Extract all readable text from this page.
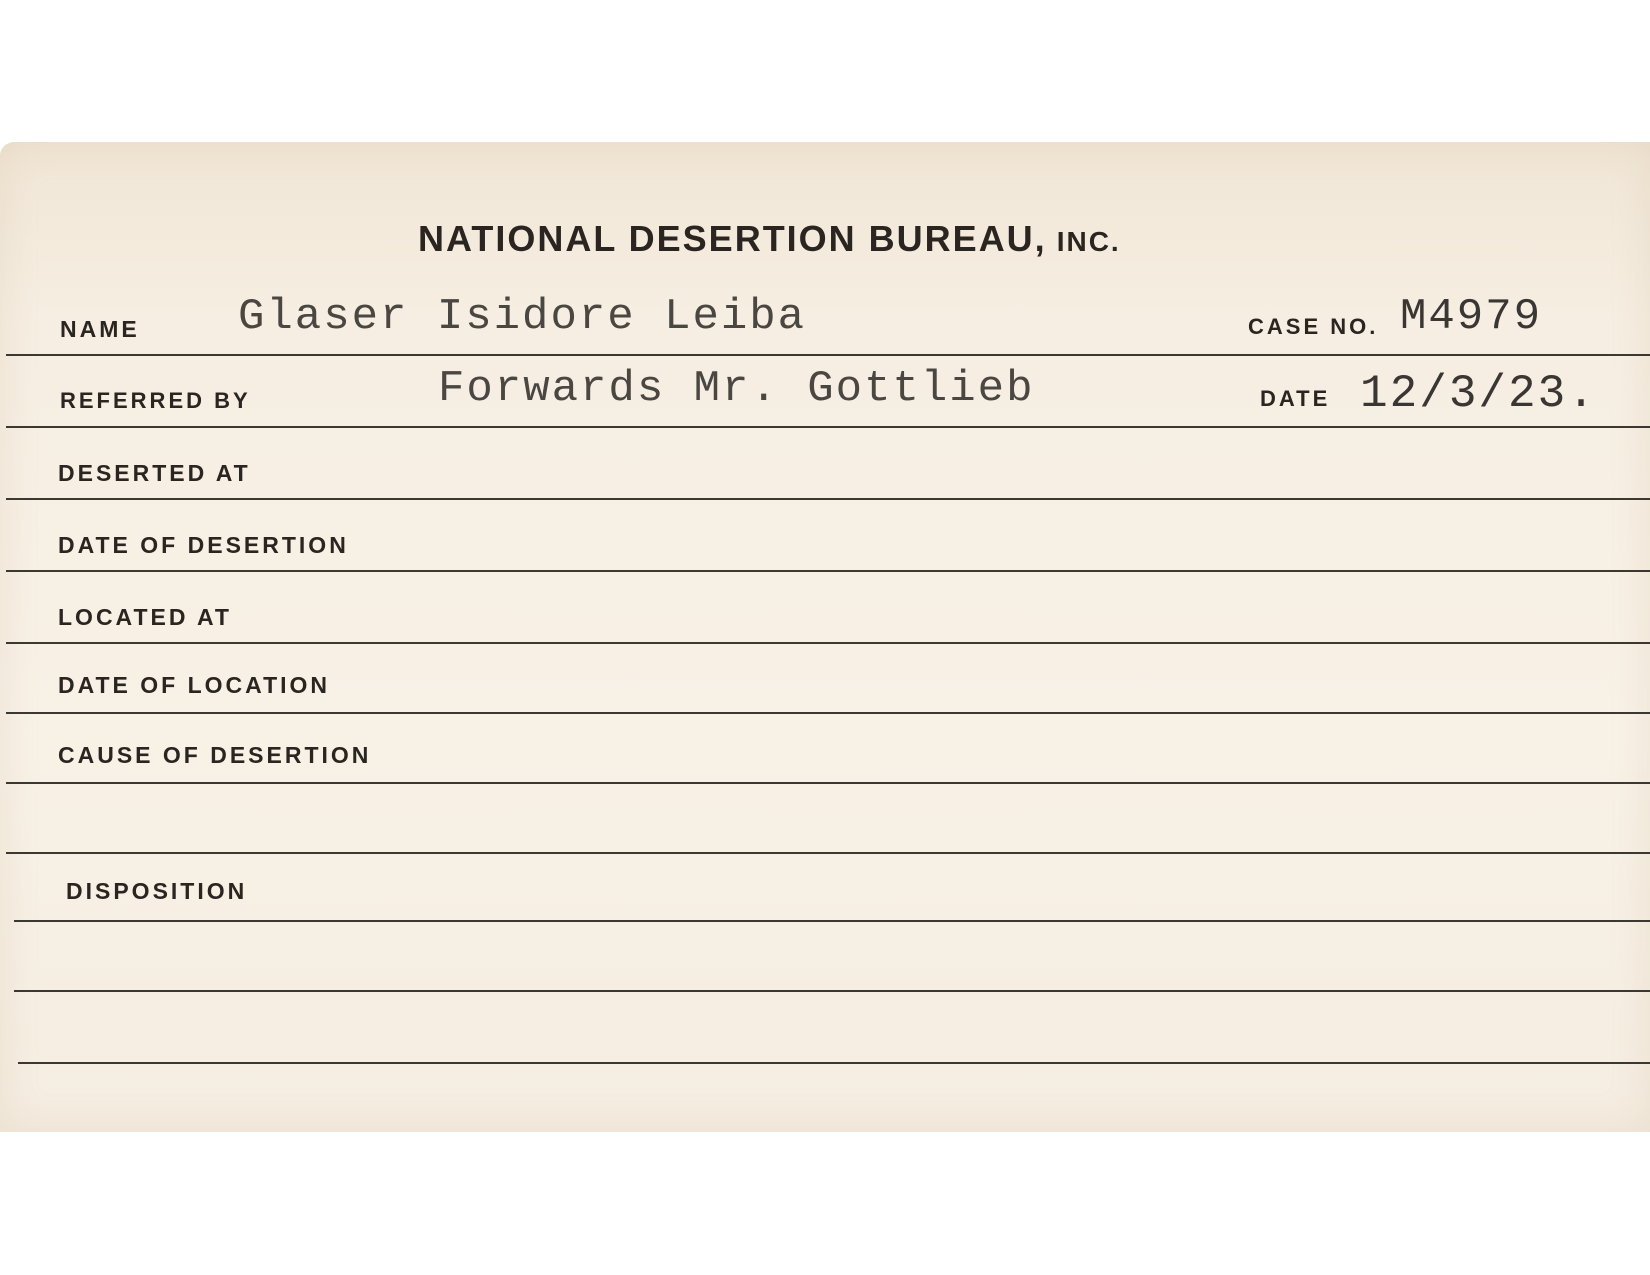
NATIONAL DESERTION BUREAU, INC.
NAME Glaser Isidore Leiba	CASE NO. M4979
REFERRED BY	Forwards Mr. Gottlieb	DATE 12/3/23.
DESERTED AT
DATE OF DESERTION
LOCATED AT
DATE OF LOCATION
CAUSE OF DESERTION
DISPOSITION
